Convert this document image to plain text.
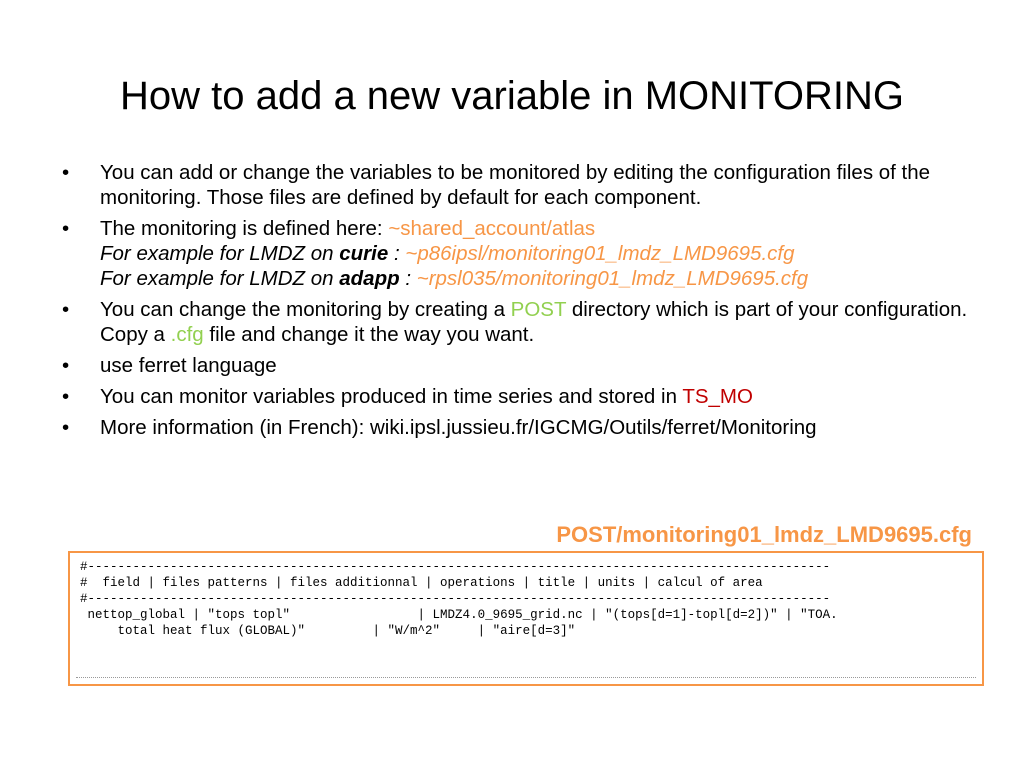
How to add a new variable in MONITORING
• You can add or change the variables to be monitored by editing the configuration files of the monitoring. Those files are defined by default for each component.
• The monitoring is defined here: ~shared_account/atlas
For example for LMDZ on curie : ~p86ipsl/monitoring01_lmdz_LMD9695.cfg
For example for LMDZ on adapp : ~rpsl035/monitoring01_lmdz_LMD9695.cfg
• You can change the monitoring by creating a POST directory which is part of your configuration. Copy a .cfg file and change it the way you want.
• use ferret language
• You can monitor variables produced in time series and stored in TS_MO
• More information (in French): wiki.ipsl.jussieu.fr/IGCMG/Outils/ferret/Monitoring
POST/monitoring01_lmdz_LMD9695.cfg
#---------------------------------------------------------------------------------------------------
#  field | files patterns | files additionnal | operations | title | units | calcul of area
#---------------------------------------------------------------------------------------------------
nettop_global | "tops topl"                 | LMDZ4.0_9695_grid.nc | "(tops[d=1]-topl[d=2])" | "TOA.
total heat flux (GLOBAL)"         | "W/m^2"     | "aire[d=3]"
